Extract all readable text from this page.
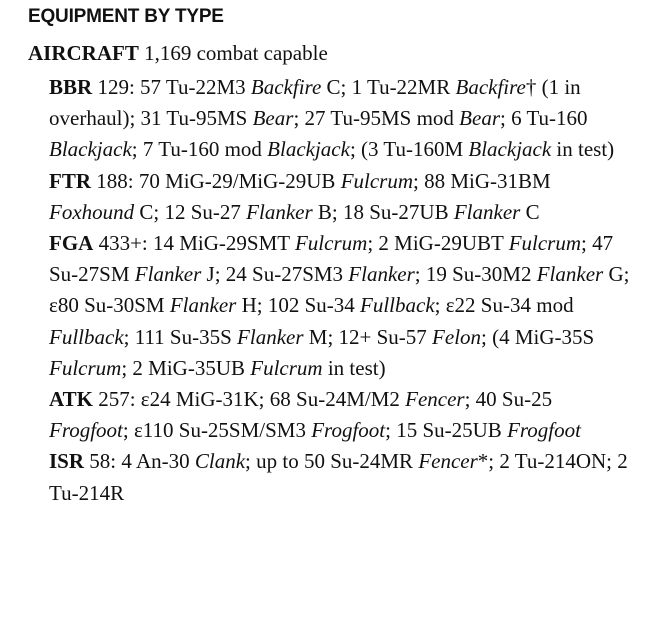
EQUIPMENT BY TYPE
AIRCRAFT 1,169 combat capable

BBR 129: 57 Tu-22M3 Backfire C; 1 Tu-22MR Backfire† (1 in overhaul); 31 Tu-95MS Bear; 27 Tu-95MS mod Bear; 6 Tu-160 Blackjack; 7 Tu-160 mod Blackjack; (3 Tu-160M Blackjack in test)

FTR 188: 70 MiG-29/MiG-29UB Fulcrum; 88 MiG-31BM Foxhound C; 12 Su-27 Flanker B; 18 Su-27UB Flanker C

FGA 433+: 14 MiG-29SMT Fulcrum; 2 MiG-29UBT Fulcrum; 47 Su-27SM Flanker J; 24 Su-27SM3 Flanker; 19 Su-30M2 Flanker G; ε80 Su-30SM Flanker H; 102 Su-34 Fullback; ε22 Su-34 mod Fullback; 111 Su-35S Flanker M; 12+ Su-57 Felon; (4 MiG-35S Fulcrum; 2 MiG-35UB Fulcrum in test)

ATK 257: ε24 MiG-31K; 68 Su-24M/M2 Fencer; 40 Su-25 Frogfoot; ε110 Su-25SM/SM3 Frogfoot; 15 Su-25UB Frogfoot

ISR 58: 4 An-30 Clank; up to 50 Su-24MR Fencer*; 2 Tu-214ON; 2 Tu-214R
